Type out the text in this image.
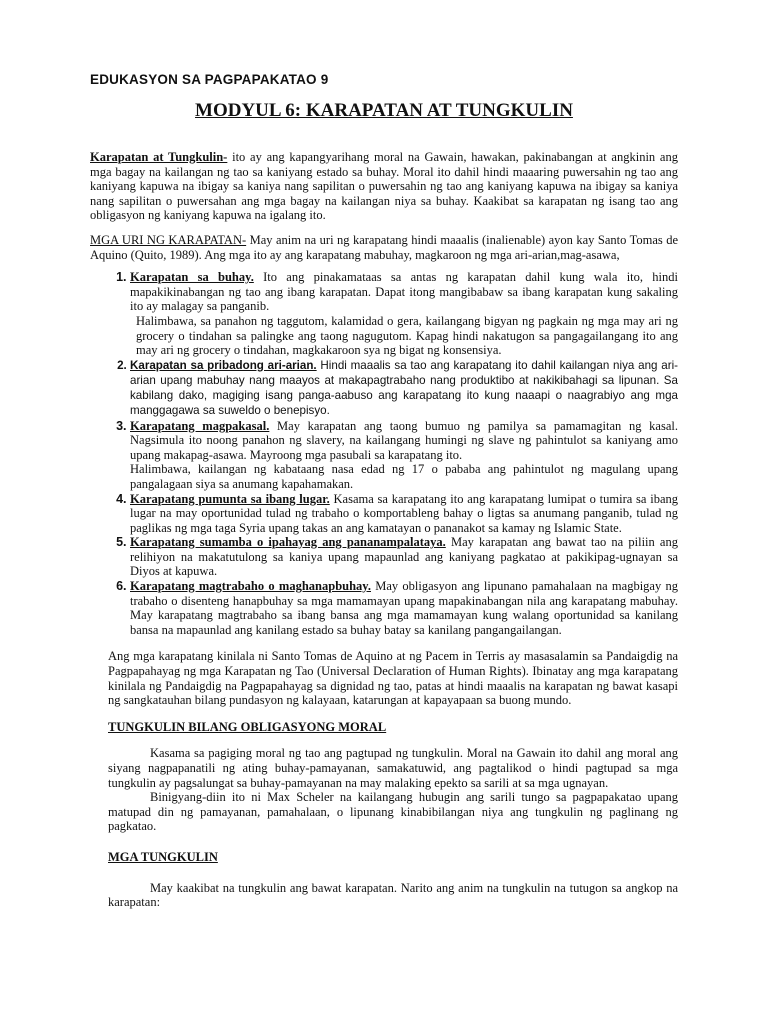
EDUKASYON SA PAGPAPAKATAO 9
MODYUL 6: KARAPATAN AT TUNGKULIN

Karapatan at Tungkulin- ito ay ang kapangyarihang moral na Gawain, hawakan, pakinabangan at angkinin ang mga bagay na kailangan ng tao sa kaniyang estado sa buhay. Moral ito dahil hindi maaaring puwersahin ng tao ang kaniyang kapuwa na ibigay sa kaniya nang sapilitan o puwersahin ng tao ang kaniyang kapuwa na ibigay sa kaniya nang sapilitan o puwersahan ang mga bagay na kailangan niya sa buhay. Kaakibat sa karapatan ng isang tao ang obligasyon ng kaniyang kapuwa na igalang ito.

MGA URI NG KARAPATAN- May anim na uri ng karapatang hindi maaalis (inalienable) ayon kay Santo Tomas de Aquino (Quito, 1989). Ang mga ito ay ang karapatang mabuhay, magkaroon ng mga ari-arian,mag-asawa,

1. Karapatan sa buhay. Ito ang pinakamataas sa antas ng karapatan dahil kung wala ito, hindi mapakikinabangan ng tao ang ibang karapatan. Dapat itong mangibabaw sa ibang karapatan kung sakaling ito ay malagay sa panganib.

Halimbawa, sa panahon ng taggutom, kalamidad o gera, kailangang bigyan ng pagkain ng mga may ari ng grocery o tindahan sa palingke ang taong nagugutom. Kapag hindi nakatugon sa pangagailangang ito ang may ari ng grocery o tindahan, magkakaroon sya ng bigat ng konsensiya.

2. Karapatan sa pribadong ari-arian. Hindi maaalis sa tao ang karapatang ito dahil kailangan niya ang ari-arian upang mabuhay nang maayos at makapagtrabaho nang produktibo at nakikibahagi sa lipunan. Sa kabilang dako, magiging isang panga-aabuso ang karapatang ito kung naaapi o naagrabiyo ang mga manggagawa sa suweldo o benepisyo.

3. Karapatang magpakasal. May karapatan ang taong bumuo ng pamilya sa pamamagitan ng kasal. Nagsimula ito noong panahon ng slavery, na kailangang humingi ng slave ng pahintulot sa kaniyang amo upang makapag-asawa. Mayroong mga pasubali sa karapatang ito.

Halimbawa, kailangan ng kabataang nasa edad ng 17 o pababa ang pahintulot ng magulang upang pangalagaan siya sa anumang kapahamakan.

4. Karapatang pumunta sa ibang lugar. Kasama sa karapatang ito ang karapatang lumipat o tumira sa ibang lugar na may oportunidad tulad ng trabaho o komportableng bahay o ligtas sa anumang panganib, tulad ng paglikas ng mga taga Syria upang takas an ang kamatayan o pananakot sa kamay ng Islamic State.

5. Karapatang sumamba o ipahayag ang pananampalataya. May karapatan ang bawat tao na piliin ang relihiyon na makatutulong sa kaniya upang mapaunlad ang kaniyang pagkatao at pakikipag-ugnayan sa Diyos at kapuwa.

6. Karapatang magtrabaho o maghanapbuhay. May obligasyon ang lipunano pamahalaan na magbigay ng trabaho o disenteng hanapbuhay sa mga mamamayan upang mapakinabangan nila ang karapatang mabuhay. May karapatang magtrabaho sa ibang bansa ang mga mamamayan kung walang oportunidad sa kanilang bansa na mapaunlad ang kanilang estado sa buhay batay sa kanilang pangangailangan.

Ang mga karapatang kinilala ni Santo Tomas de Aquino at ng Pacem in Terris ay masasalamin sa Pandaigdig na Pagpapahayag ng mga Karapatan ng Tao (Universal Declaration of Human Rights). Ibinatay ang mga karapatang kinilala ng Pandaigdig na Pagpapahayag sa dignidad ng tao, patas at hindi maaalis na karapatan ng bawat kasapi ng sangkatauhan bilang pundasyon ng kalayaan, katarungan at kapayapaan sa buong mundo.

TUNGKULIN BILANG OBLIGASYONG MORAL

Kasama sa pagiging moral ng tao ang pagtupad ng tungkulin. Moral na Gawain ito dahil ang moral ang siyang nagpapanatili ng ating buhay-pamayanan, samakatuwid, ang pagtalikod o hindi pagtupad sa mga tungkulin ay pagsalungat sa buhay-pamayanan na may malaking epekto sa sarili at sa mga ugnayan.

Binigyang-diin ito ni Max Scheler na kailangang hubugin ang sarili tungo sa pagpapakatao upang matupad din ng pamayanan, pamahalaan, o lipunang kinabibilangan niya ang tungkulin ng paglinang ng pagkatao.

MGA TUNGKULIN

May kaakibat na tungkulin ang bawat karapatan. Narito ang anim na tungkulin na tutugon sa angkop na karapatan:
